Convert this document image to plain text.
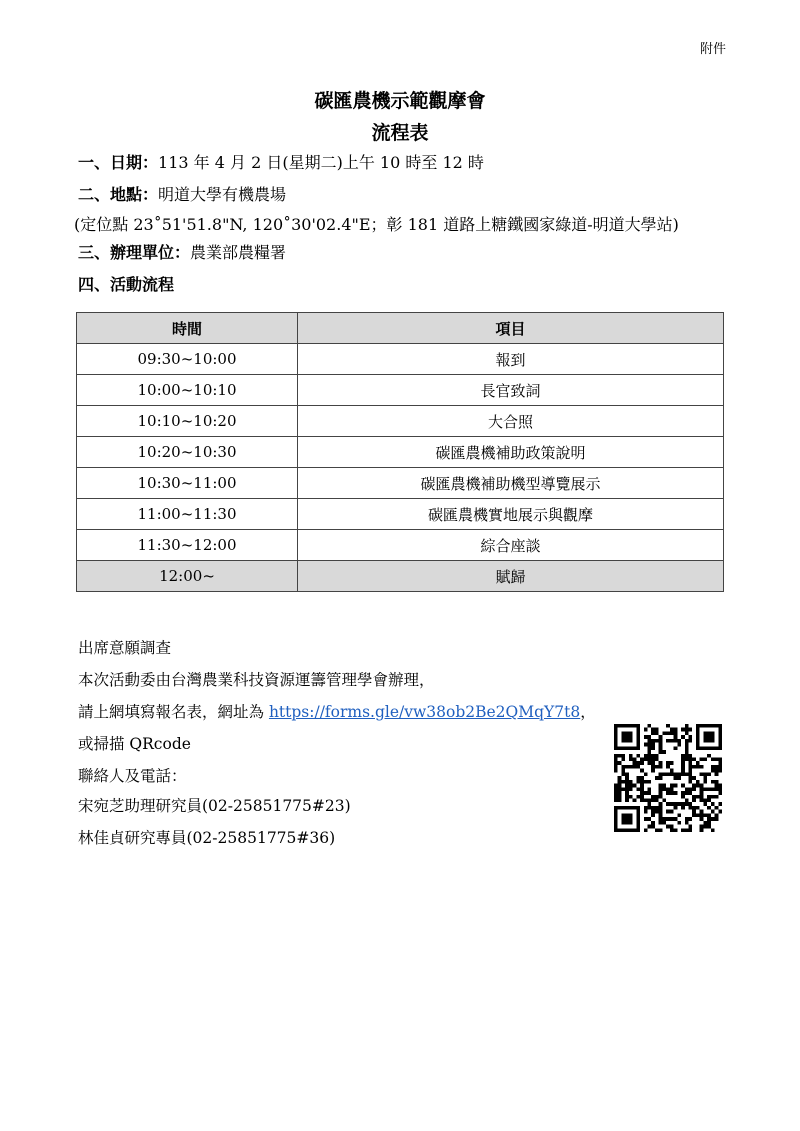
附件
碳匯農機示範觀摩會
流程表
一、日期：113 年 4 月 2 日(星期二)上午 10 時至 12 時
二、地點：明道大學有機農場
(定位點 23˚51'51.8"N, 120˚30'02.4"E；彰 181 道路上糖鐵國家綠道-明道大學站)
三、辦理單位：農業部農糧署
四、活動流程
時間	項目
09:30~10:00	報到
10:00~10:10	長官致詞
10:10~10:20	大合照
10:20~10:30	碳匯農機補助政策說明
10:30~11:00	碳匯農機補助機型導覽展示
11:00~11:30	碳匯農機實地展示與觀摩
11:30~12:00	綜合座談
12:00~	賦歸
出席意願調查
本次活動委由台灣農業科技資源運籌管理學會辦理，
請上網填寫報名表，網址為 https://forms.gle/vw38ob2Be2QMqY7t8，
或掃描 QRcode
聯絡人及電話：
宋宛芝助理研究員(02-25851775#23)
林佳貞研究專員(02-25851775#36)
